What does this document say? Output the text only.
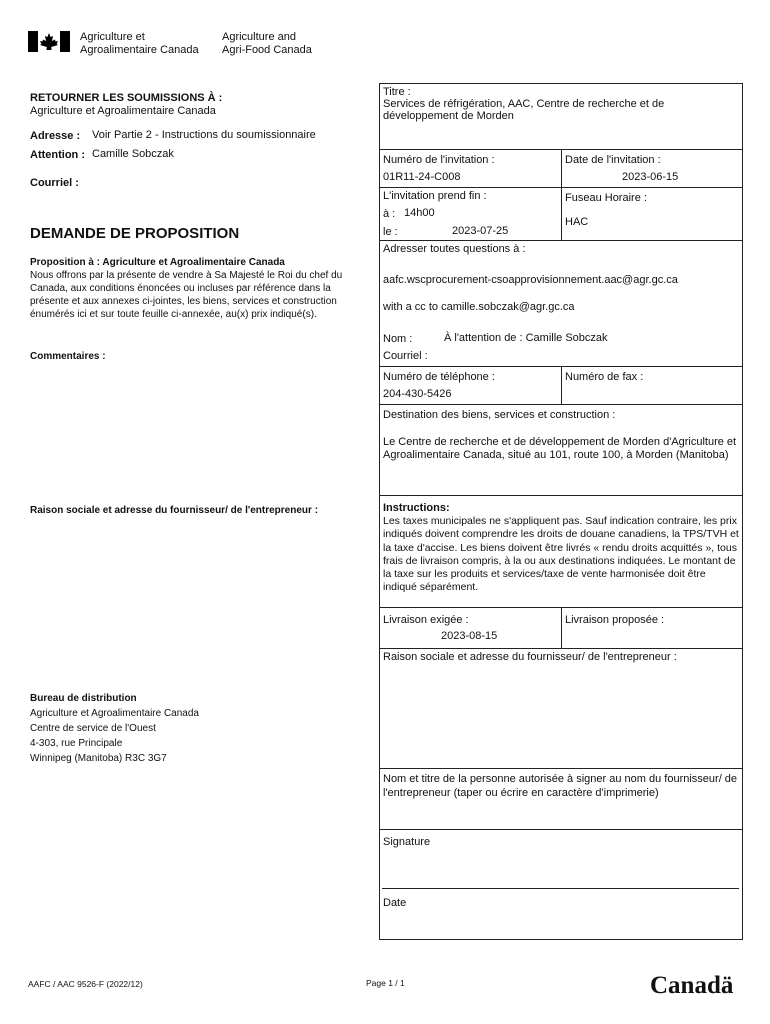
Agriculture et
Agroalimentaire Canada
Agriculture and
Agri-Food Canada
RETOURNER LES SOUMISSIONS À :
Agriculture et Agroalimentaire Canada
Adresse : Voir Partie 2 - Instructions du soumissionnaire
Attention : Camille Sobczak
Courriel :
DEMANDE DE PROPOSITION
Proposition à : Agriculture et Agroalimentaire Canada
Nous offrons par la présente de vendre à Sa Majesté le Roi du chef du Canada, aux conditions énoncées ou incluses par référence dans la présente et aux annexes ci-jointes, les biens, services et construction énumérés ici et sur toute feuille ci-annexée, au(x) prix indiqué(s).
Commentaires :
Raison sociale et adresse du fournisseur/ de l'entrepreneur :
Bureau de distribution
Agriculture et Agroalimentaire Canada
Centre de service de l'Ouest
4-303, rue Principale
Winnipeg (Manitoba) R3C 3G7
Titre :
Services de réfrigération, AAC, Centre de recherche et de développement de Morden
Numéro de l'invitation :
01R11-24-C008
Date de l'invitation :
2023-06-15
L'invitation prend fin :
à : 14h00
le :	2023-07-25
Fuseau Horaire :
HAC
Adresser toutes questions à :
aafc.wscprocurement-csoapprovisionnement.aac@agr.gc.ca
with a cc to camille.sobczak@agr.gc.ca
Nom :	À l'attention de : Camille Sobczak
Courriel :
Numéro de téléphone :
204-430-5426
Numéro de fax :
Destination des biens, services et construction :
Le Centre de recherche et de développement de Morden d'Agriculture et Agroalimentaire Canada, situé au 101, route 100, à Morden (Manitoba)
Instructions:
Les taxes municipales ne s'appliquent pas. Sauf indication contraire, les prix indiqués doivent comprendre les droits de douane canadiens, la TPS/TVH et la taxe d'accise. Les biens doivent être livrés « rendu droits acquittés », tous frais de livraison compris, à la ou aux destinations indiquées. Le montant de la taxe sur les produits et services/taxe de vente harmonisée doit être indiqué séparément.
Livraison exigée :
2023-08-15
Livraison proposée :
Raison sociale et adresse du fournisseur/ de l'entrepreneur :
Nom et titre de la personne autorisée à signer au nom du fournisseur/ de l'entrepreneur (taper ou écrire en caractère d'imprimerie)
Signature
Date
AAFC / AAC 9526-F (2022/12)	Page 1 / 1	Canadä
